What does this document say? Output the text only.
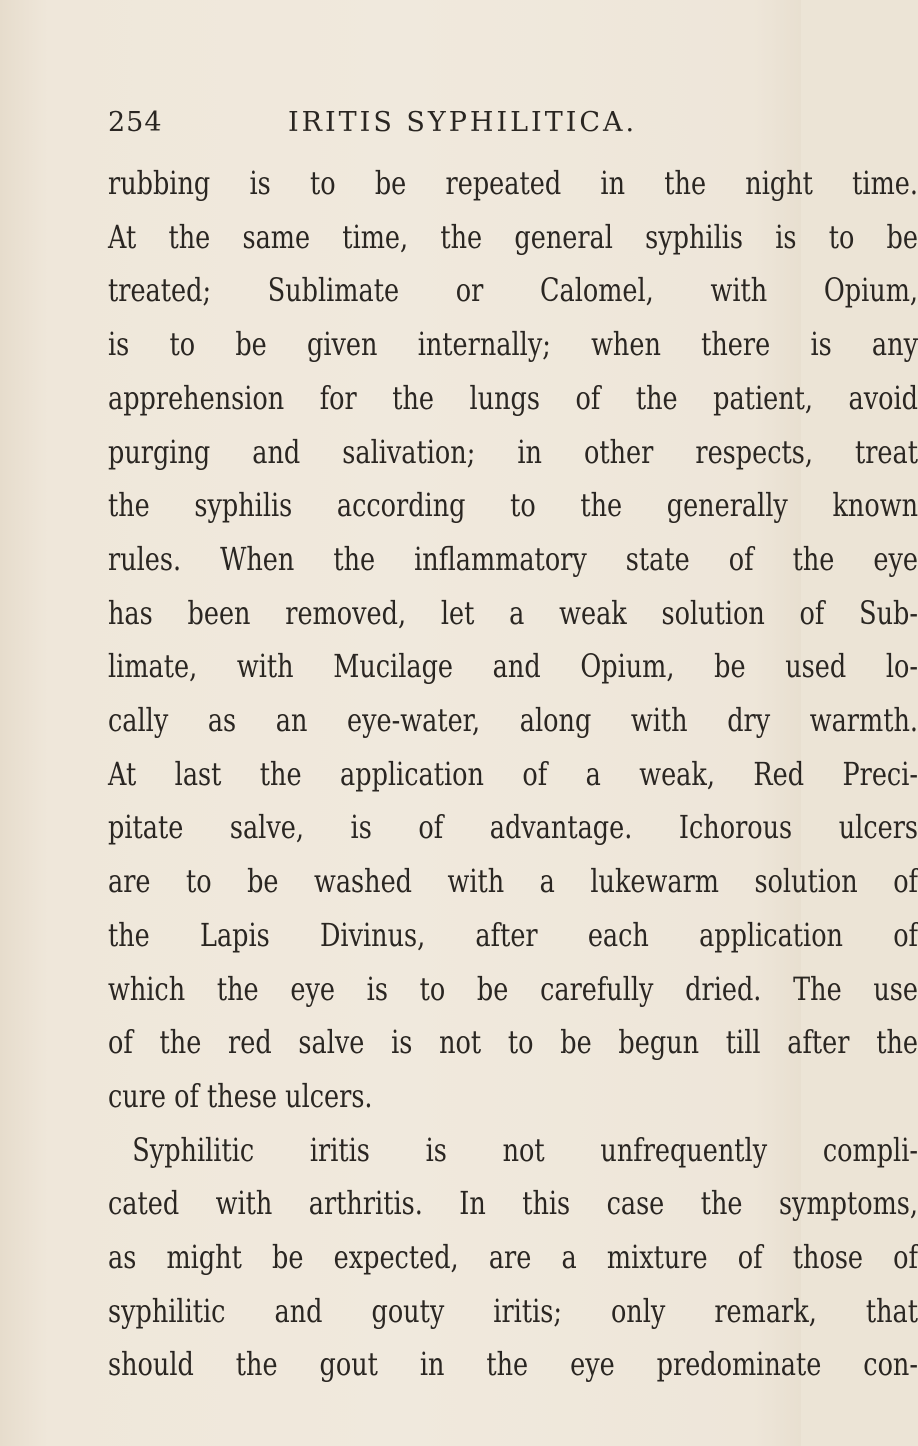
254	IRITIS SYPHILITICA.
rubbing is to be repeated in the night time.
At the same time, the general syphilis is to be
treated; Sublimate or Calomel, with Opium,
is to be given internally; when there is any
apprehension for the lungs of the patient, avoid
purging and salivation; in other respects, treat
the syphilis according to the generally known
rules. When the inflammatory state of the eye
has been removed, let a weak solution of Sub-
limate, with Mucilage and Opium, be used lo-
cally as an eye-water, along with dry warmth.
At last the application of a weak, Red Preci-
pitate salve, is of advantage. Ichorous ulcers
are to be washed with a lukewarm solution of
the Lapis Divinus, after each application of
which the eye is to be carefully dried. The use
of the red salve is not to be begun till after the
cure of these ulcers.
Syphilitic iritis is not unfrequently compli-
cated with arthritis. In this case the symptoms,
as might be expected, are a mixture of those of
syphilitic and gouty iritis; only remark, that
should the gout in the eye predominate con-
